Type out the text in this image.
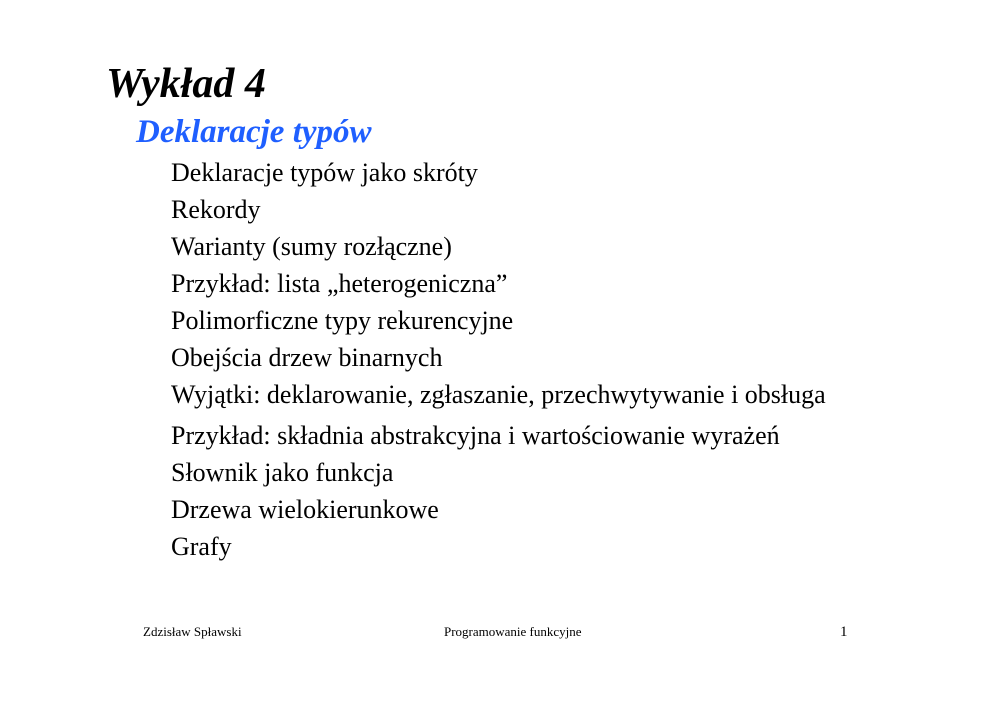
Wykład 4
Deklaracje typów
Deklaracje typów jako skróty
Rekordy
Warianty (sumy rozłączne)
Przykład: lista „heterogeniczna”
Polimorficzne typy rekurencyjne
Obejścia drzew binarnych
Wyjątki: deklarowanie, zgłaszanie, przechwytywanie i obsługa
Przykład: składnia abstrakcyjna i wartościowanie wyrażeń
Słownik jako funkcja
Drzewa wielokierunkowe
Grafy
Zdzisław Spławski	Programowanie funkcyjne	1
